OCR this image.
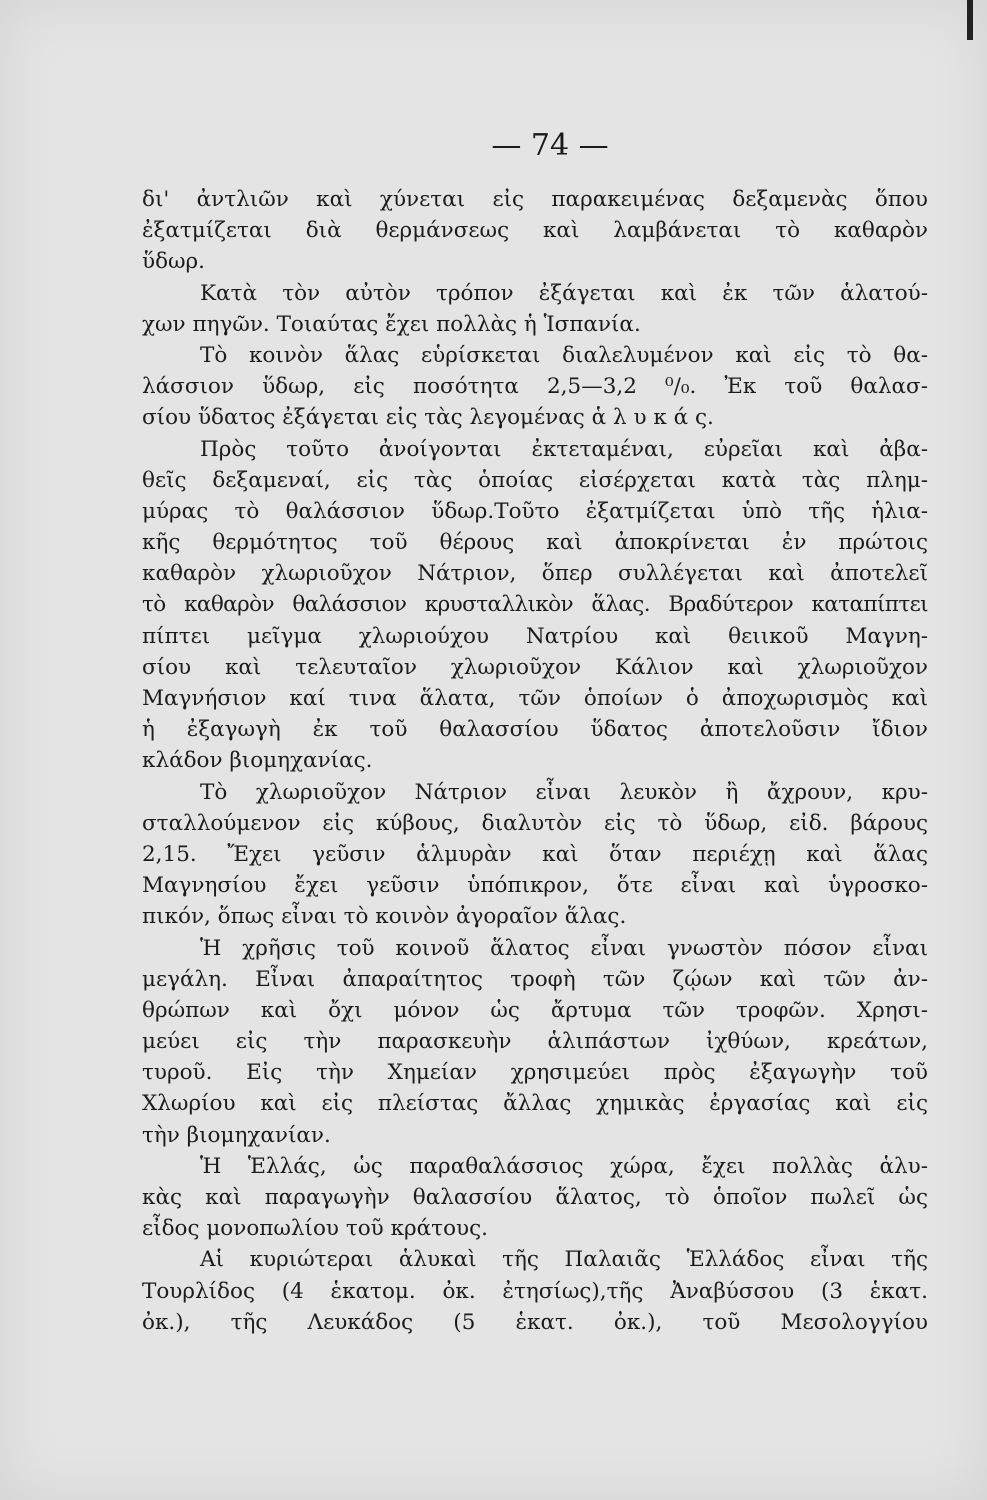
— 74 —
δι' ἀντλιῶν καὶ χύνεται εἰς παρακειμένας δεξαμενὰς ὅπου
ἐξατμίζεται διὰ θερμάνσεως καὶ λαμβάνεται τὸ καθαρὸν
ὕδωρ.
Κατὰ τὸν αὐτὸν τρόπον ἐξάγεται καὶ ἐκ τῶν ἁλατού-
χων πηγῶν. Τοιαύτας ἔχει πολλὰς ἡ Ἱσπανία.
Τὸ κοινὸν ἅλας εὑρίσκεται διαλελυμένον καὶ εἰς τὸ θα-
λάσσιον ὕδωρ, εἰς ποσότητα 2,5—3,2 ⁰/₀. Ἐκ τοῦ θαλασ-
σίου ὕδατος ἐξάγεται εἰς τὰς λεγομένας ἁ λ υ κ ά ς.
Πρὸς τοῦτο ἀνοίγονται ἐκτεταμέναι, εὐρεῖαι καὶ ἀβα-
θεῖς δεξαμεναί, εἰς τὰς ὁποίας εἰσέρχεται κατὰ τὰς πλημ-
μύρας τὸ θαλάσσιον ὕδωρ.Τοῦτο ἐξατμίζεται ὑπὸ τῆς ἡλια-
κῆς θερμότητος τοῦ θέρους καὶ ἀποκρίνεται ἐν πρώτοις
καθαρὸν χλωριοῦχον Νάτριον, ὅπερ συλλέγεται καὶ ἀποτελεῖ
τὸ καθαρὸν θαλάσσιον κρυσταλλικὸν ἅλας. Βραδύτερον καταπίπτει
πίπτει μεῖγμα χλωριούχου Νατρίου καὶ θειικοῦ Μαγνη-
σίου καὶ τελευταῖον χλωριοῦχον Κάλιον καὶ χλωριοῦχον
Μαγνήσιον καί τινα ἅλατα, τῶν ὁποίων ὁ ἀποχωρισμὸς καὶ
ἡ ἐξαγωγὴ ἐκ τοῦ θαλασσίου ὕδατος ἀποτελοῦσιν ἴδιον
κλάδον βιομηχανίας.
Τὸ χλωριοῦχον Νάτριον εἶναι λευκὸν ἢ ἄχρουν, κρυ-
σταλλούμενον εἰς κύβους, διαλυτὸν εἰς τὸ ὕδωρ, εἰδ. βάρους
2,15. Ἔχει γεῦσιν ἁλμυρὰν καὶ ὅταν περιέχῃ καὶ ἅλας
Μαγνησίου ἔχει γεῦσιν ὑπόπικρον, ὅτε εἶναι καὶ ὑγροσκο-
πικόν, ὅπως εἶναι τὸ κοινὸν ἀγοραῖον ἅλας.
Ἡ χρῆσις τοῦ κοινοῦ ἅλατος εἶναι γνωστὸν πόσον εἶναι
μεγάλη. Εἶναι ἀπαραίτητος τροφὴ τῶν ζῴων καὶ τῶν ἀν-
θρώπων καὶ ὄχι μόνον ὡς ἄρτυμα τῶν τροφῶν. Χρησι-
μεύει εἰς τὴν παρασκευὴν ἁλιπάστων ἰχθύων, κρεάτων,
τυροῦ. Εἰς τὴν Χημείαν χρησιμεύει πρὸς ἐξαγωγὴν τοῦ
Χλωρίου καὶ εἰς πλείστας ἄλλας χημικὰς ἐργασίας καὶ εἰς
τὴν βιομηχανίαν.
Ἡ Ἑλλάς, ὡς παραθαλάσσιος χώρα, ἔχει πολλὰς ἁλυ-
κὰς καὶ παραγωγὴν θαλασσίου ἅλατος, τὸ ὁποῖον πωλεῖ ὡς
εἶδος μονοπωλίου τοῦ κράτους.
Αἱ κυριώτεραι ἁλυκαὶ τῆς Παλαιᾶς Ἑλλάδος εἶναι τῆς
Τουρλίδος (4 ἑκατομ. ὀκ. ἐτησίως),τῆς Ἀναβύσσου (3 ἑκατ.
ὀκ.), τῆς Λευκάδος (5 ἑκατ. ὀκ.), τοῦ Μεσολογγίου
